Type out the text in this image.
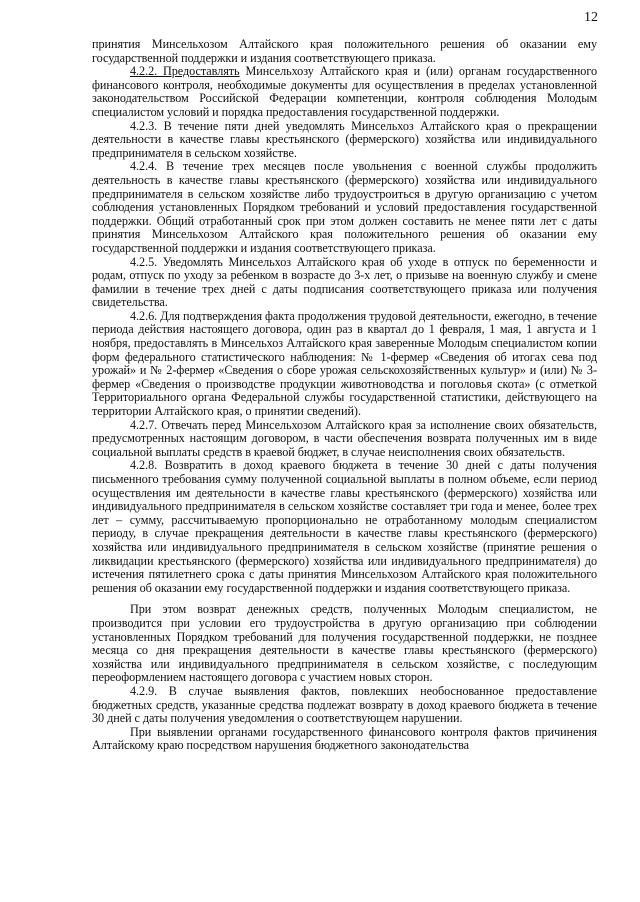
12

принятия Минсельхозом Алтайского края положительного решения об оказании ему государственной поддержки и издания соответствующего приказа.

4.2.2. Предоставлять Минсельхозу Алтайского края и (или) органам государственного финансового контроля, необходимые документы для осуществления в пределах установленной законодательством Российской Федерации компетенции, контроля соблюдения Молодым специалистом условий и порядка предоставления государственной поддержки.

4.2.3. В течение пяти дней уведомлять Минсельхоз Алтайского края о прекращении деятельности в качестве главы крестьянского (фермерского) хозяйства или индивидуального предпринимателя в сельском хозяйстве.

4.2.4. В течение трех месяцев после увольнения с военной службы продолжить деятельность в качестве главы крестьянского (фермерского) хозяйства или индивидуального предпринимателя в сельском хозяйстве либо трудоустроиться в другую организацию с учетом соблюдения установленных Порядком требований и условий предоставления государственной поддержки. Общий отработанный срок при этом должен составить не менее пяти лет с даты принятия Минсельхозом Алтайского края положительного решения об оказании ему государственной поддержки и издания соответствующего приказа.

4.2.5. Уведомлять Минсельхоз Алтайского края об уходе в отпуск по беременности и родам, отпуск по уходу за ребенком в возрасте до 3-х лет, о призыве на военную службу и смене фамилии в течение трех дней с даты подписания соответствующего приказа или получения свидетельства.

4.2.6. Для подтверждения факта продолжения трудовой деятельности, ежегодно, в течение периода действия настоящего договора, один раз в квартал до 1 февраля, 1 мая, 1 августа и 1 ноября, предоставлять в Минсельхоз Алтайского края заверенные Молодым специалистом копии форм федерального статистического наблюдения: № 1-фермер «Сведения об итогах сева под урожай» и № 2-фермер «Сведения о сборе урожая сельскохозяйственных культур» и (или) № 3-фермер «Сведения о производстве продукции животноводства и поголовья скота» (с отметкой Территориального органа Федеральной службы государственной статистики, действующего на территории Алтайского края, о принятии сведений).

4.2.7. Отвечать перед Минсельхозом Алтайского края за исполнение своих обязательств, предусмотренных настоящим договором, в части обеспечения возврата полученных им в виде социальной выплаты средств в краевой бюджет, в случае неисполнения своих обязательств.

4.2.8. Возвратить в доход краевого бюджета в течение 30 дней с даты получения письменного требования сумму полученной социальной выплаты в полном объеме, если период осуществления им деятельности в качестве главы крестьянского (фермерского) хозяйства или индивидуального предпринимателя в сельском хозяйстве составляет три года и менее, более трех лет – сумму, рассчитываемую пропорционально не отработанному молодым специалистом периоду, в случае прекращения деятельности в качестве главы крестьянского (фермерского) хозяйства или индивидуального предпринимателя в сельском хозяйстве (принятие решения о ликвидации крестьянского (фермерского) хозяйства или индивидуального предпринимателя) до истечения пятилетнего срока с даты принятия Минсельхозом Алтайского края положительного решения об оказании ему государственной поддержки и издания соответствующего приказа.

При этом возврат денежных средств, полученных Молодым специалистом, не производится при условии его трудоустройства в другую организацию при соблюдении установленных Порядком требований для получения государственной поддержки, не позднее месяца со дня прекращения деятельности в качестве главы крестьянского (фермерского) хозяйства или индивидуального предпринимателя в сельском хозяйстве, с последующим переоформлением настоящего договора с участием новых сторон.

4.2.9. В случае выявления фактов, повлекших необоснованное предоставление бюджетных средств, указанные средства подлежат возврату в доход краевого бюджета в течение 30 дней с даты получения уведомления о соответствующем нарушении.

При выявлении органами государственного финансового контроля фактов причинения Алтайскому краю посредством нарушения бюджетного законодательства
